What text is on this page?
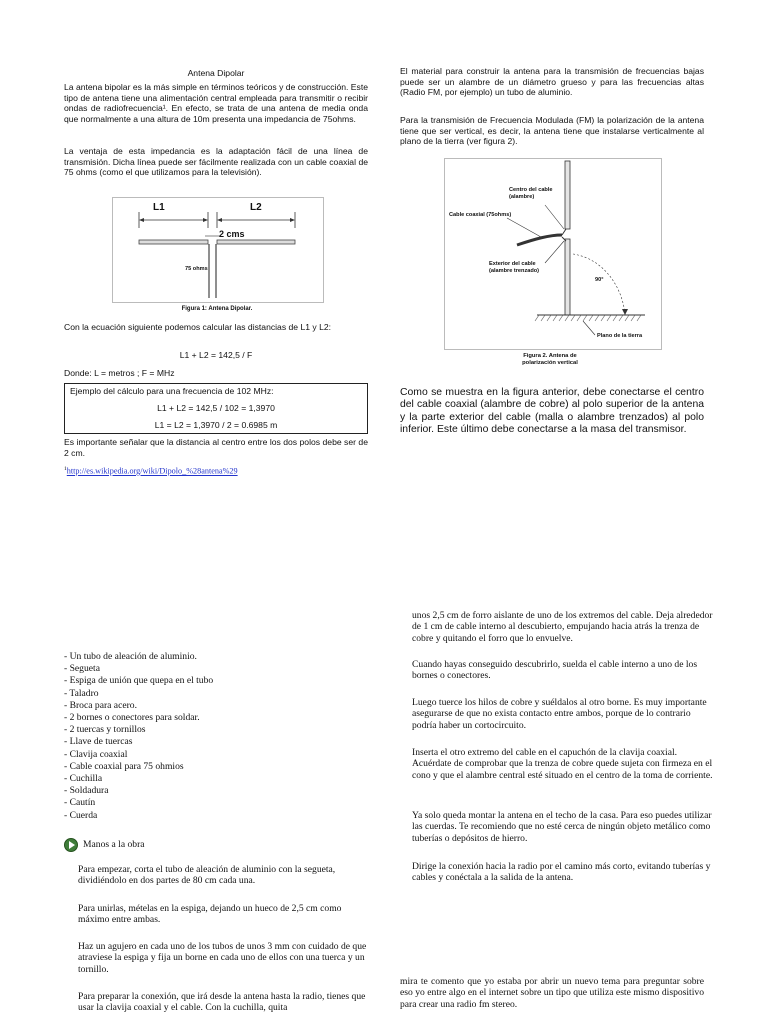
Antena Dipolar

La antena bipolar es la más simple en términos teóricos y de construcción. Este tipo de antena tiene una alimentación central empleada para transmitir o recibir ondas de radiofrecuencia¹. En efecto, se trata de una antena de media onda que normalmente a una altura de 10m presenta una impedancia de 75ohms.

La ventaja de esta impedancia es la adaptación fácil de una línea de transmisión. Dicha línea puede ser fácilmente realizada con un cable coaxial de 75 ohms (como el que utilizamos para la televisión).

L1	L2
2 cms
75 ohms
Figura 1: Antena Dipolar.

Con la ecuación siguiente podemos calcular las distancias de L1 y L2:

L1 + L2 = 142,5 / F
Donde: L = metros ; F = MHz
Ejemplo del cálculo para una frecuencia de 102 MHz:
L1 + L2 = 142,5 / 102 = 1,3970
L1 = L2 = 1,3970 / 2 = 0.6985 m

Es importante señalar que la distancia al centro entre los dos polos debe ser de 2 cm.

$^1$http://es.wikipedia.org/wiki/Dipolo_%28antena%29

El material para construir la antena para la transmisión de frecuencias bajas puede ser un alambre de un diámetro grueso y para las frecuencias altas (Radio FM, por ejemplo) un tubo de aluminio.

Para la transmisión de Frecuencia Modulada (FM) la polarización de la antena tiene que ser vertical, es decir, la antena tiene que instalarse verticalmente al plano de la tierra (ver figura 2).

Centro del cable
(alambre)
Cable coaxial (75ohms)
Exterior del cable
(alambre trenzado)
90°
Plano de la tierra
Figura 2. Antena de
polarización vertical

Como se muestra en la figura anterior, debe conectarse el centro del cable coaxial (alambre de cobre) al polo superior de la antena y la parte exterior del cable (malla o alambre trenzados) al polo inferior. Este último debe conectarse a la masa del transmisor.

- Un tubo de aleación de aluminio.
- Segueta
- Espiga de unión que quepa en el tubo
- Taladro
- Broca para acero.
- 2 bornes o conectores para soldar.
- 2 tuercas y tornillos
- Llave de tuercas
- Clavija coaxial
- Cable coaxial para 75 ohmios
- Cuchilla
- Soldadura
- Cautín
- Cuerda
Manos a la obra

Para empezar, corta el tubo de aleación de aluminio con la segueta, dividiéndolo en dos partes de 80 cm cada una.

Para unirlas, mételas en la espiga, dejando un hueco de 2,5 cm como máximo entre ambas.

Haz un agujero en cada uno de los tubos de unos 3 mm con cuidado de que atraviese la espiga y fija un borne en cada uno de ellos con una tuerca y un tornillo.

Para preparar la conexión, que irá desde la antena hasta la radio, tienes que usar la clavija coaxial y el cable. Con la cuchilla, quita

unos 2,5 cm de forro aislante de uno de los extremos del cable. Deja alrededor de 1 cm de cable interno al descubierto, empujando hacia atrás la trenza de cobre y quitando el forro que lo envuelve.

Cuando hayas conseguido descubrirlo, suelda el cable interno a uno de los bornes o conectores.

Luego tuerce los hilos de cobre y suéldalos al otro borne. Es muy importante asegurarse de que no exista contacto entre ambos, porque de lo contrario podría haber un cortocircuito.

Inserta el otro extremo del cable en el capuchón de la clavija coaxial. Acuérdate de comprobar que la trenza de cobre quede sujeta con firmeza en el cono y que el alambre central esté situado en el centro de la toma de corriente.

Ya solo queda montar la antena en el techo de la casa. Para eso puedes utilizar las cuerdas. Te recomiendo que no esté cerca de ningún objeto metálico como tuberías o depósitos de hierro.

Dirige la conexión hacia la radio por el camino más corto, evitando tuberías y cables y conéctala a la salida de la antena.

mira te comento que yo estaba por abrir un nuevo tema para preguntar sobre eso yo entre algo en el internet sobre un tipo que utiliza este mismo dispositivo para crear una radio fm stereo.
